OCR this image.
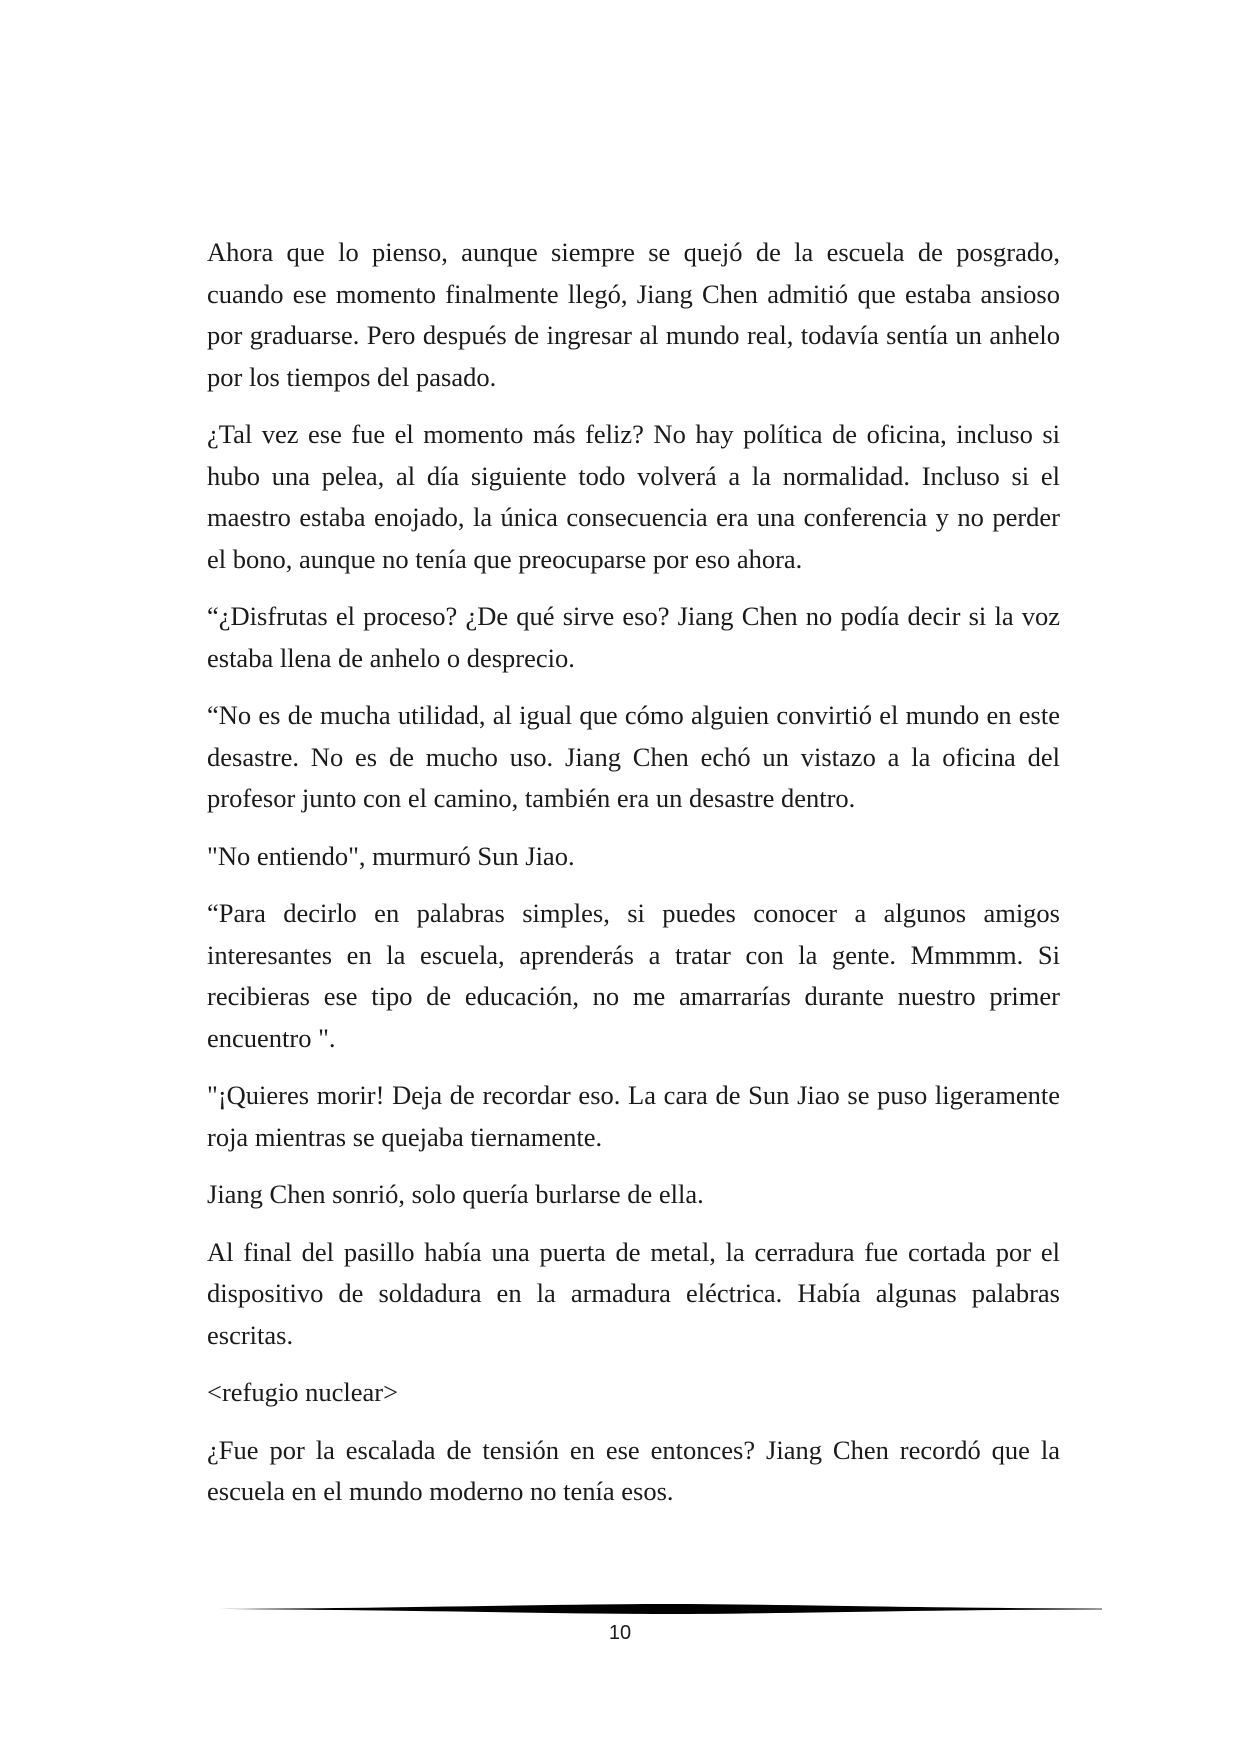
Ahora que lo pienso, aunque siempre se quejó de la escuela de posgrado, cuando ese momento finalmente llegó, Jiang Chen admitió que estaba ansioso por graduarse. Pero después de ingresar al mundo real, todavía sentía un anhelo por los tiempos del pasado.

¿Tal vez ese fue el momento más feliz? No hay política de oficina, incluso si hubo una pelea, al día siguiente todo volverá a la normalidad. Incluso si el maestro estaba enojado, la única consecuencia era una conferencia y no perder el bono, aunque no tenía que preocuparse por eso ahora.

“¿Disfrutas el proceso? ¿De qué sirve eso? Jiang Chen no podía decir si la voz estaba llena de anhelo o desprecio.

“No es de mucha utilidad, al igual que cómo alguien convirtió el mundo en este desastre. No es de mucho uso. Jiang Chen echó un vistazo a la oficina del profesor junto con el camino, también era un desastre dentro.

"No entiendo", murmuró Sun Jiao.

“Para decirlo en palabras simples, si puedes conocer a algunos amigos interesantes en la escuela, aprenderás a tratar con la gente. Mmmmm. Si recibieras ese tipo de educación, no me amarrarías durante nuestro primer encuentro ".

"¡Quieres morir! Deja de recordar eso. La cara de Sun Jiao se puso ligeramente roja mientras se quejaba tiernamente.

Jiang Chen sonrió, solo quería burlarse de ella.

Al final del pasillo había una puerta de metal, la cerradura fue cortada por el dispositivo de soldadura en la armadura eléctrica. Había algunas palabras escritas.

<refugio nuclear>

¿Fue por la escalada de tensión en ese entonces? Jiang Chen recordó que la escuela en el mundo moderno no tenía esos.

10
